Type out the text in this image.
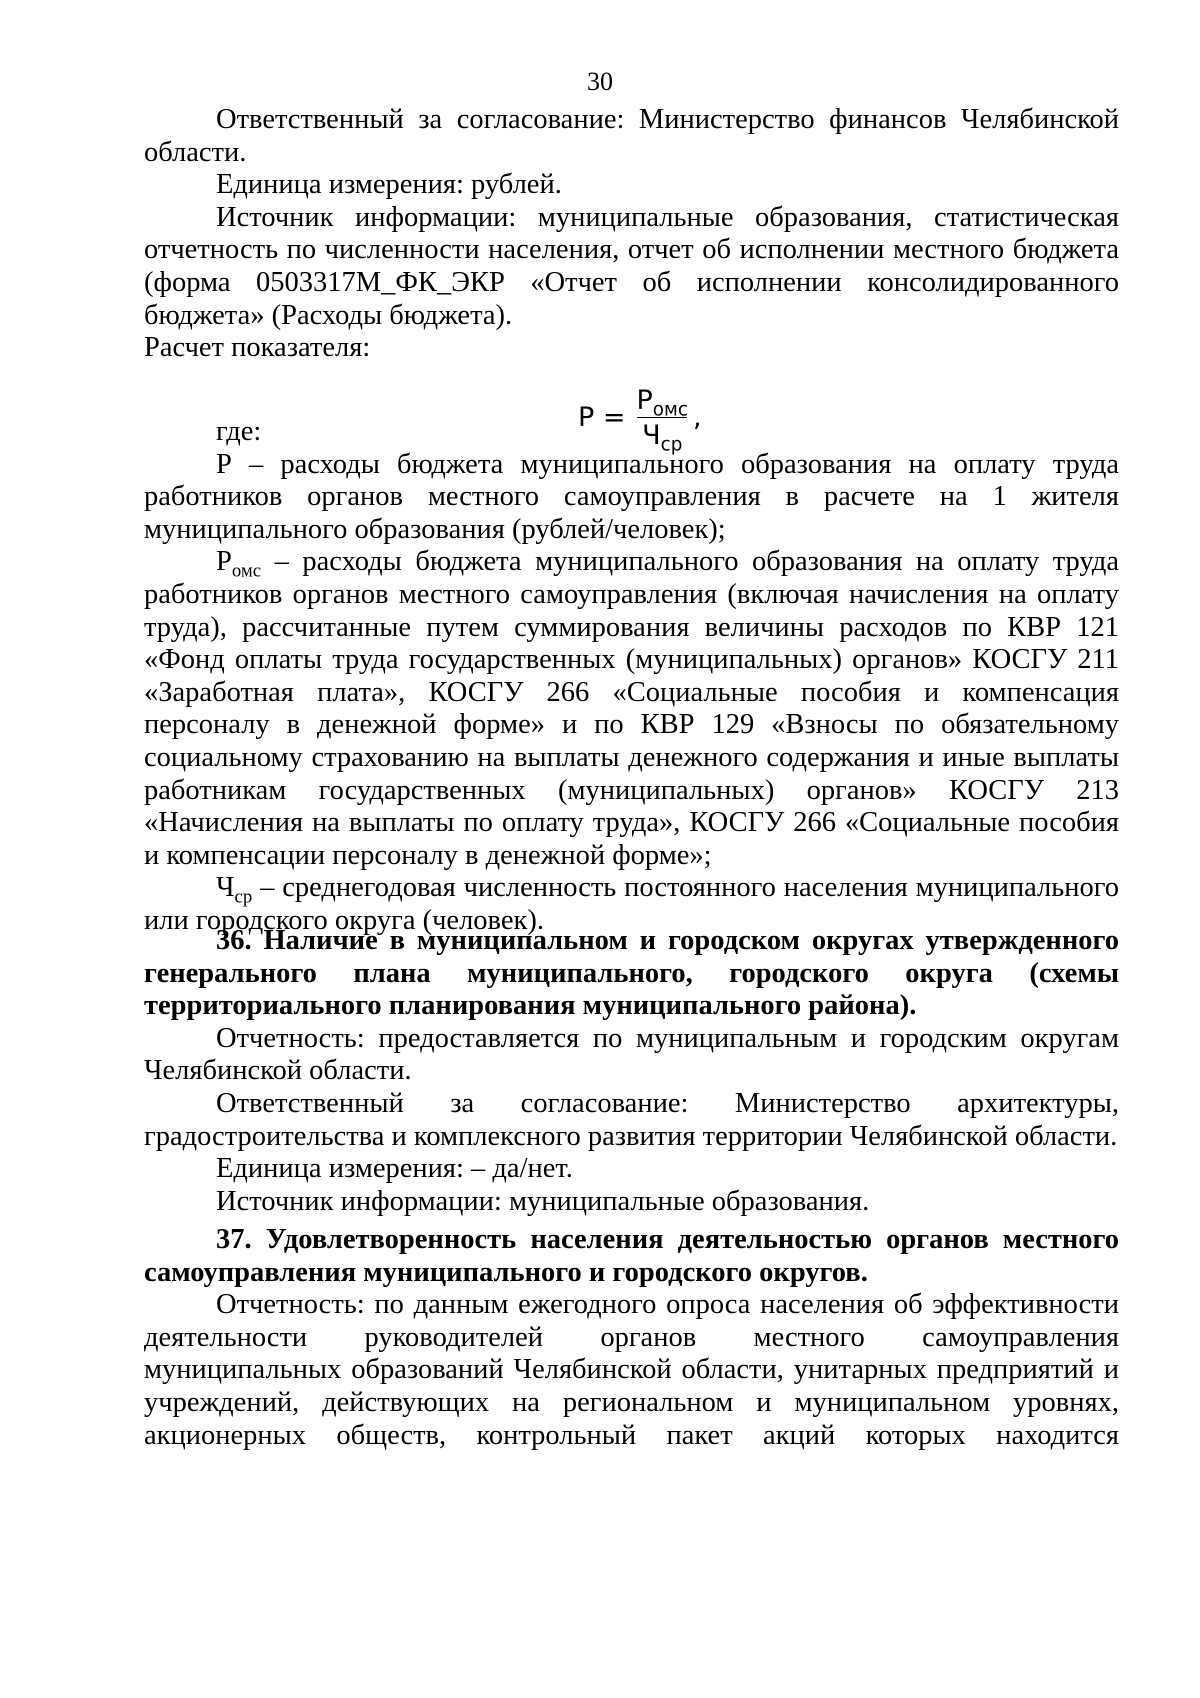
30

Ответственный за согласование: Министерство финансов Челябинской области.

Единица измерения: рублей.

Источник информации: муниципальные образования, статистическая отчетность по численности населения, отчет об исполнении местного бюджета (форма 0503317М_ФК_ЭКР «Отчет об исполнении консолидированного бюджета» (Расходы бюджета).

Расчет показателя:

$Р = \frac{Р_{омс}}{Ч_{ср}}$ ,

где:

Р – расходы бюджета муниципального образования на оплату труда работников органов местного самоуправления в расчете на 1 жителя муниципального образования (рублей/человек);

$Р_{омс}$ – расходы бюджета муниципального образования на оплату труда работников органов местного самоуправления (включая начисления на оплату труда), рассчитанные путем суммирования величины расходов по КВР 121 «Фонд оплаты труда государственных (муниципальных) органов» КОСГУ 211 «Заработная плата», КОСГУ 266 «Социальные пособия и компенсация персоналу в денежной форме» и по КВР 129 «Взносы по обязательному социальному страхованию на выплаты денежного содержания и иные выплаты работникам государственных (муниципальных) органов» КОСГУ 213 «Начисления на выплаты по оплату труда», КОСГУ 266 «Социальные пособия и компенсации персоналу в денежной форме»;

$Ч_{ср}$ – среднегодовая численность постоянного населения муниципального или городского округа (человек).

36. Наличие в муниципальном и городском округах утвержденного генерального плана муниципального, городского округа (схемы территориального планирования муниципального района).

Отчетность: предоставляется по муниципальным и городским округам Челябинской области.

Ответственный за согласование: Министерство архитектуры, градостроительства и комплексного развития территории Челябинской области.

Единица измерения: – да/нет.

Источник информации: муниципальные образования.

37. Удовлетворенность населения деятельностью органов местного самоуправления муниципального и городского округов.

Отчетность: по данным ежегодного опроса населения об эффективности деятельности руководителей органов местного самоуправления муниципальных образований Челябинской области, унитарных предприятий и учреждений, действующих на региональном и муниципальном уровнях, акционерных обществ, контрольный пакет акций которых находится
